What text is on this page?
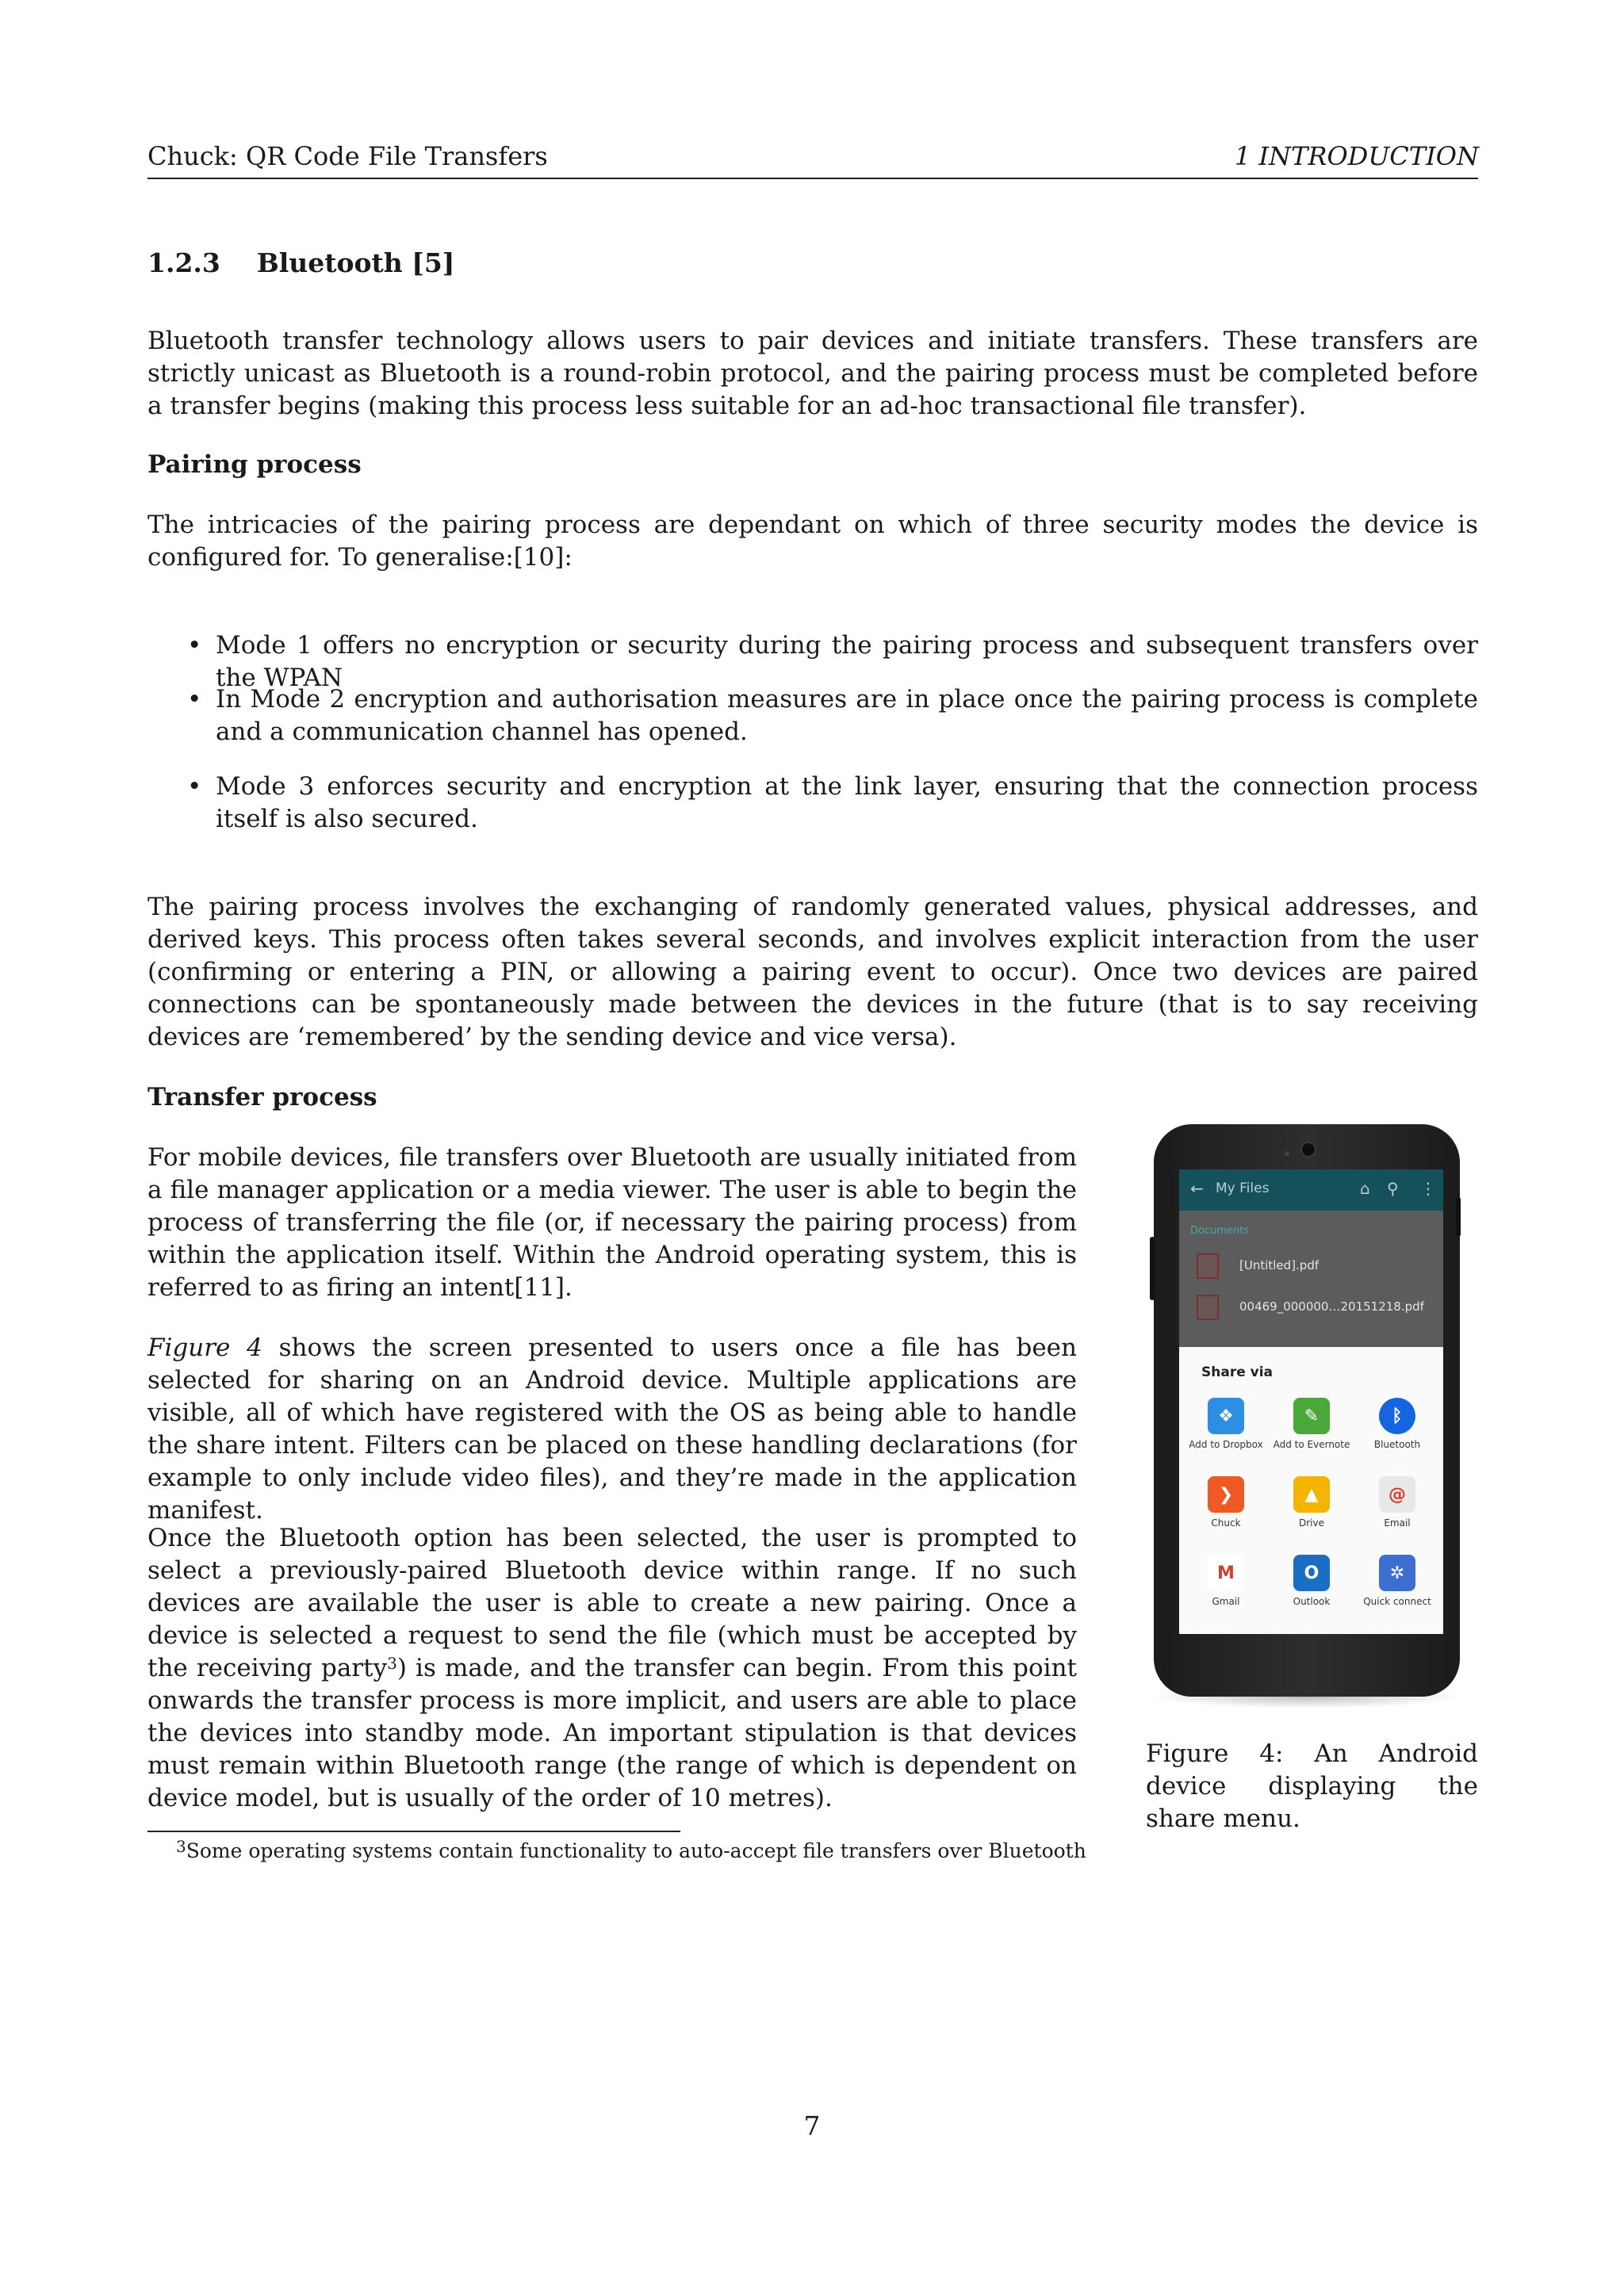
Chuck: QR Code File Transfers	1 INTRODUCTION
1.2.3    Bluetooth [5]
Bluetooth transfer technology allows users to pair devices and initiate transfers. These transfers are strictly unicast as Bluetooth is a round-robin protocol, and the pairing process must be completed before a transfer begins (making this process less suitable for an ad-hoc transactional file transfer).
Pairing process
The intricacies of the pairing process are dependant on which of three security modes the device is configured for. To generalise:[10]:
• Mode 1 offers no encryption or security during the pairing process and subsequent transfers over the WPAN
• In Mode 2 encryption and authorisation measures are in place once the pairing process is complete and a communication channel has opened.
• Mode 3 enforces security and encryption at the link layer, ensuring that the connection process itself is also secured.
The pairing process involves the exchanging of randomly generated values, physical addresses, and derived keys. This process often takes several seconds, and involves explicit interaction from the user (confirming or entering a PIN, or allowing a pairing event to occur). Once two devices are paired connections can be spontaneously made between the devices in the future (that is to say receiving devices are ‘remembered’ by the sending device and vice versa).
Transfer process
For mobile devices, file transfers over Bluetooth are usually initiated from a file manager application or a media viewer. The user is able to begin the process of transferring the file (or, if necessary the pairing process) from within the application itself. Within the Android operating system, this is referred to as firing an intent[11].
Figure 4 shows the screen presented to users once a file has been selected for sharing on an Android device. Multiple applications are visible, all of which have registered with the OS as being able to handle the share intent. Filters can be placed on these handling declarations (for example to only include video files), and they’re made in the application manifest.
Once the Bluetooth option has been selected, the user is prompted to select a previously-paired Bluetooth device within range. If no such devices are available the user is able to create a new pairing. Once a device is selected a request to send the file (which must be accepted by the receiving party$^3$) is made, and the transfer can begin. From this point onwards the transfer process is more implicit, and users are able to place the devices into standby mode. An important stipulation is that devices must remain within Bluetooth range (the range of which is dependent on device model, but is usually of the order of 10 metres).
$^3$Some operating systems contain functionality to auto-accept file transfers over Bluetooth
← My Files	⌂ ⚲ ⋮
Documents
[Untitled].pdf
00469_000000…20151218.pdf
Share via
❖
Add to Dropbox
✎
Add to Evernote
ᛒ
Bluetooth
❯
Chuck
▲
Drive
@
Email
M
Gmail
O
Outlook
✲
Quick connect
Figure 4: An Android device displaying the share menu.
7
